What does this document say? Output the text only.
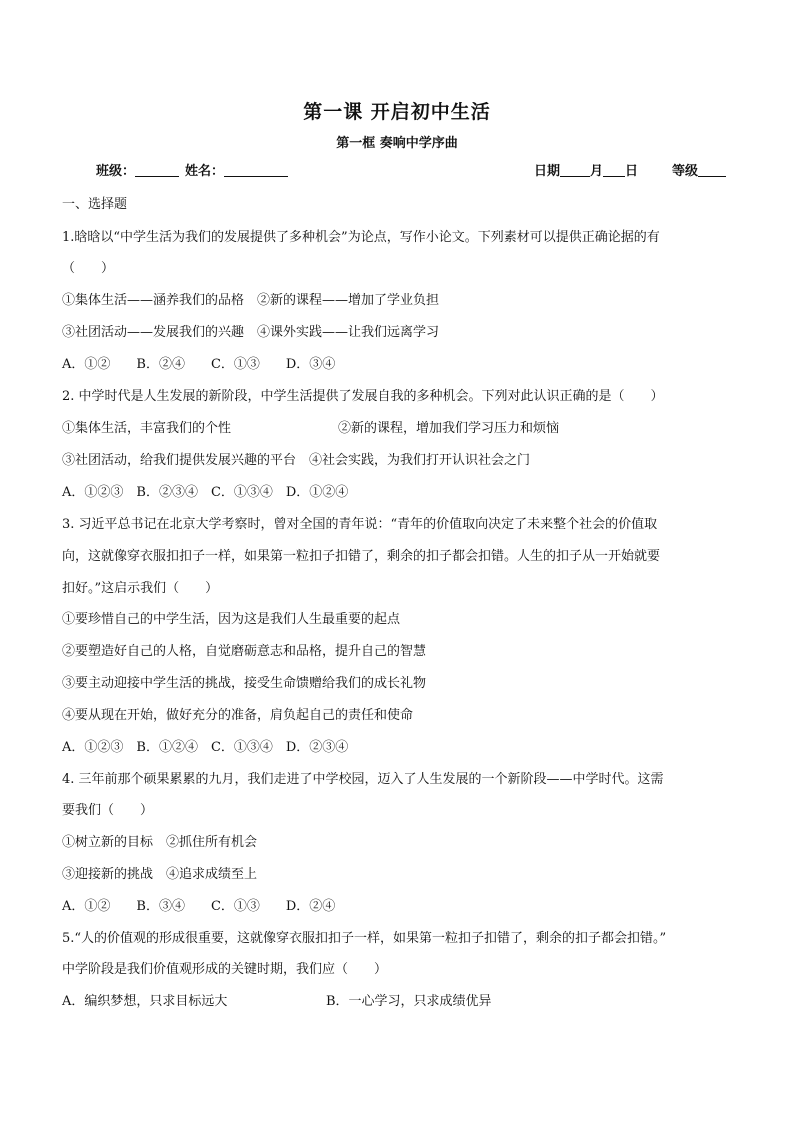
第一课 开启初中生活
第一框 奏响中学序曲
班级：	姓名：	日期 月 日	等级
一、选择题
1.晗晗以“中学生活为我们的发展提供了多种机会”为论点，写作小论文。下列素材可以提供正确论据的有
（　　）
①集体生活——涵养我们的品格　②新的课程——增加了学业负担
③社团活动——发展我们的兴趣　④课外实践——让我们远离学习
A．①②　　B．②④　　C．①③　　D．③④
2. 中学时代是人生发展的新阶段，中学生活提供了发展自我的多种机会。下列对此认识正确的是（　　）
①集体生活，丰富我们的个性	②新的课程，增加我们学习压力和烦恼
③社团活动，给我们提供发展兴趣的平台　④社会实践，为我们打开认识社会之门
A．①②③　B．②③④　C．①③④　D．①②④
3. 习近平总书记在北京大学考察时，曾对全国的青年说：“青年的价值取向决定了未来整个社会的价值取
向，这就像穿衣服扣扣子一样，如果第一粒扣子扣错了，剩余的扣子都会扣错。人生的扣子从一开始就要
扣好。”这启示我们（　　）
①要珍惜自己的中学生活，因为这是我们人生最重要的起点
②要塑造好自己的人格，自觉磨砺意志和品格，提升自己的智慧
③要主动迎接中学生活的挑战，接受生命馈赠给我们的成长礼物
④要从现在开始，做好充分的准备，肩负起自己的责任和使命
A．①②③　B．①②④　C．①③④　D．②③④
4. 三年前那个硕果累累的九月，我们走进了中学校园，迈入了人生发展的一个新阶段——中学时代。这需
要我们（　　）
①树立新的目标　②抓住所有机会
③迎接新的挑战　④追求成绩至上
A．①②　　B．③④　　C．①③　　D．②④
5.“人的价值观的形成很重要，这就像穿衣服扣扣子一样，如果第一粒扣子扣错了，剩余的扣子都会扣错。”
中学阶段是我们价值观形成的关键时期，我们应（　　）
A．编织梦想，只求目标远大	B．一心学习，只求成绩优异
